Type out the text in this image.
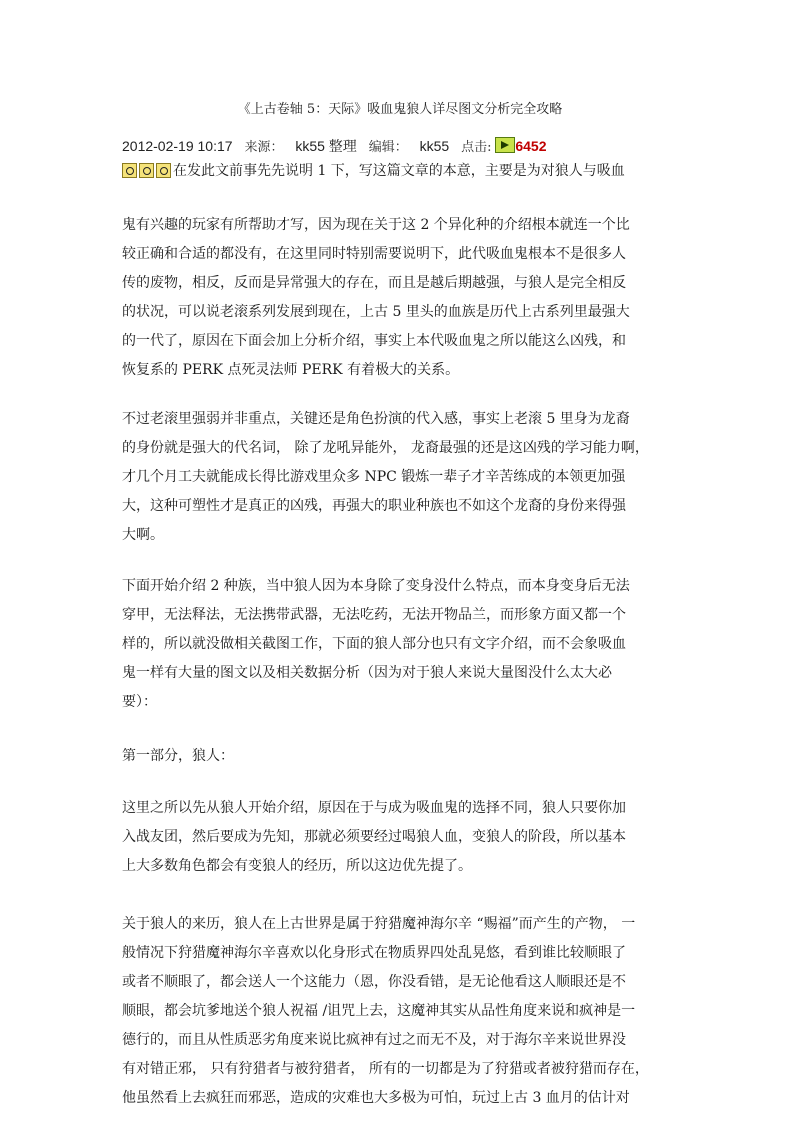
《上古卷轴 5：天际》吸血鬼狼人详尽图文分析完全攻略
2012-02-19 10:17 来源： kk55 整理 编辑： kk55 点击: 6452
在发此文前事先先说明 1 下，写这篇文章的本意，主要是为对狼人与吸血
鬼有兴趣的玩家有所帮助才写，因为现在关于这 2 个异化种的介绍根本就连一个比
较正确和合适的都没有，在这里同时特别需要说明下，此代吸血鬼根本不是很多人
传的废物，相反，反而是异常强大的存在，而且是越后期越强，与狼人是完全相反
的状况，可以说老滚系列发展到现在，上古 5 里头的血族是历代上古系列里最强大
的一代了，原因在下面会加上分析介绍，事实上本代吸血鬼之所以能这么凶残，和
恢复系的 PERK 点死灵法师 PERK 有着极大的关系。
不过老滚里强弱并非重点，关键还是角色扮演的代入感，事实上老滚 5 里身为龙裔
的身份就是强大的代名词， 除了龙吼异能外， 龙裔最强的还是这凶残的学习能力啊，
才几个月工夫就能成长得比游戏里众多 NPC 锻炼一辈子才辛苦练成的本领更加强
大，这种可塑性才是真正的凶残，再强大的职业种族也不如这个龙裔的身份来得强
大啊。
下面开始介绍 2 种族，当中狼人因为本身除了变身没什么特点，而本身变身后无法
穿甲，无法释法，无法携带武器，无法吃药，无法开物品兰，而形象方面又都一个
样的，所以就没做相关截图工作，下面的狼人部分也只有文字介绍，而不会象吸血
鬼一样有大量的图文以及相关数据分析（因为对于狼人来说大量图没什么太大必
要）：
第一部分，狼人：
这里之所以先从狼人开始介绍，原因在于与成为吸血鬼的选择不同，狼人只要你加
入战友团，然后要成为先知，那就必须要经过喝狼人血，变狼人的阶段，所以基本
上大多数角色都会有变狼人的经历，所以这边优先提了。
关于狼人的来历，狼人在上古世界是属于狩猎魔神海尔辛 “赐福”而产生的产物， 一
般情况下狩猎魔神海尔辛喜欢以化身形式在物质界四处乱晃悠，看到谁比较顺眼了
或者不顺眼了，都会送人一个这能力（恩，你没看错，是无论他看这人顺眼还是不
顺眼，都会坑爹地送个狼人祝福 /诅咒上去，这魔神其实从品性角度来说和疯神是一
德行的，而且从性质恶劣角度来说比疯神有过之而无不及，对于海尔辛来说世界没
有对错正邪， 只有狩猎者与被狩猎者， 所有的一切都是为了狩猎或者被狩猎而存在，
他虽然看上去疯狂而邪恶，造成的灾难也大多极为可怕，玩过上古 3 血月的估计对
